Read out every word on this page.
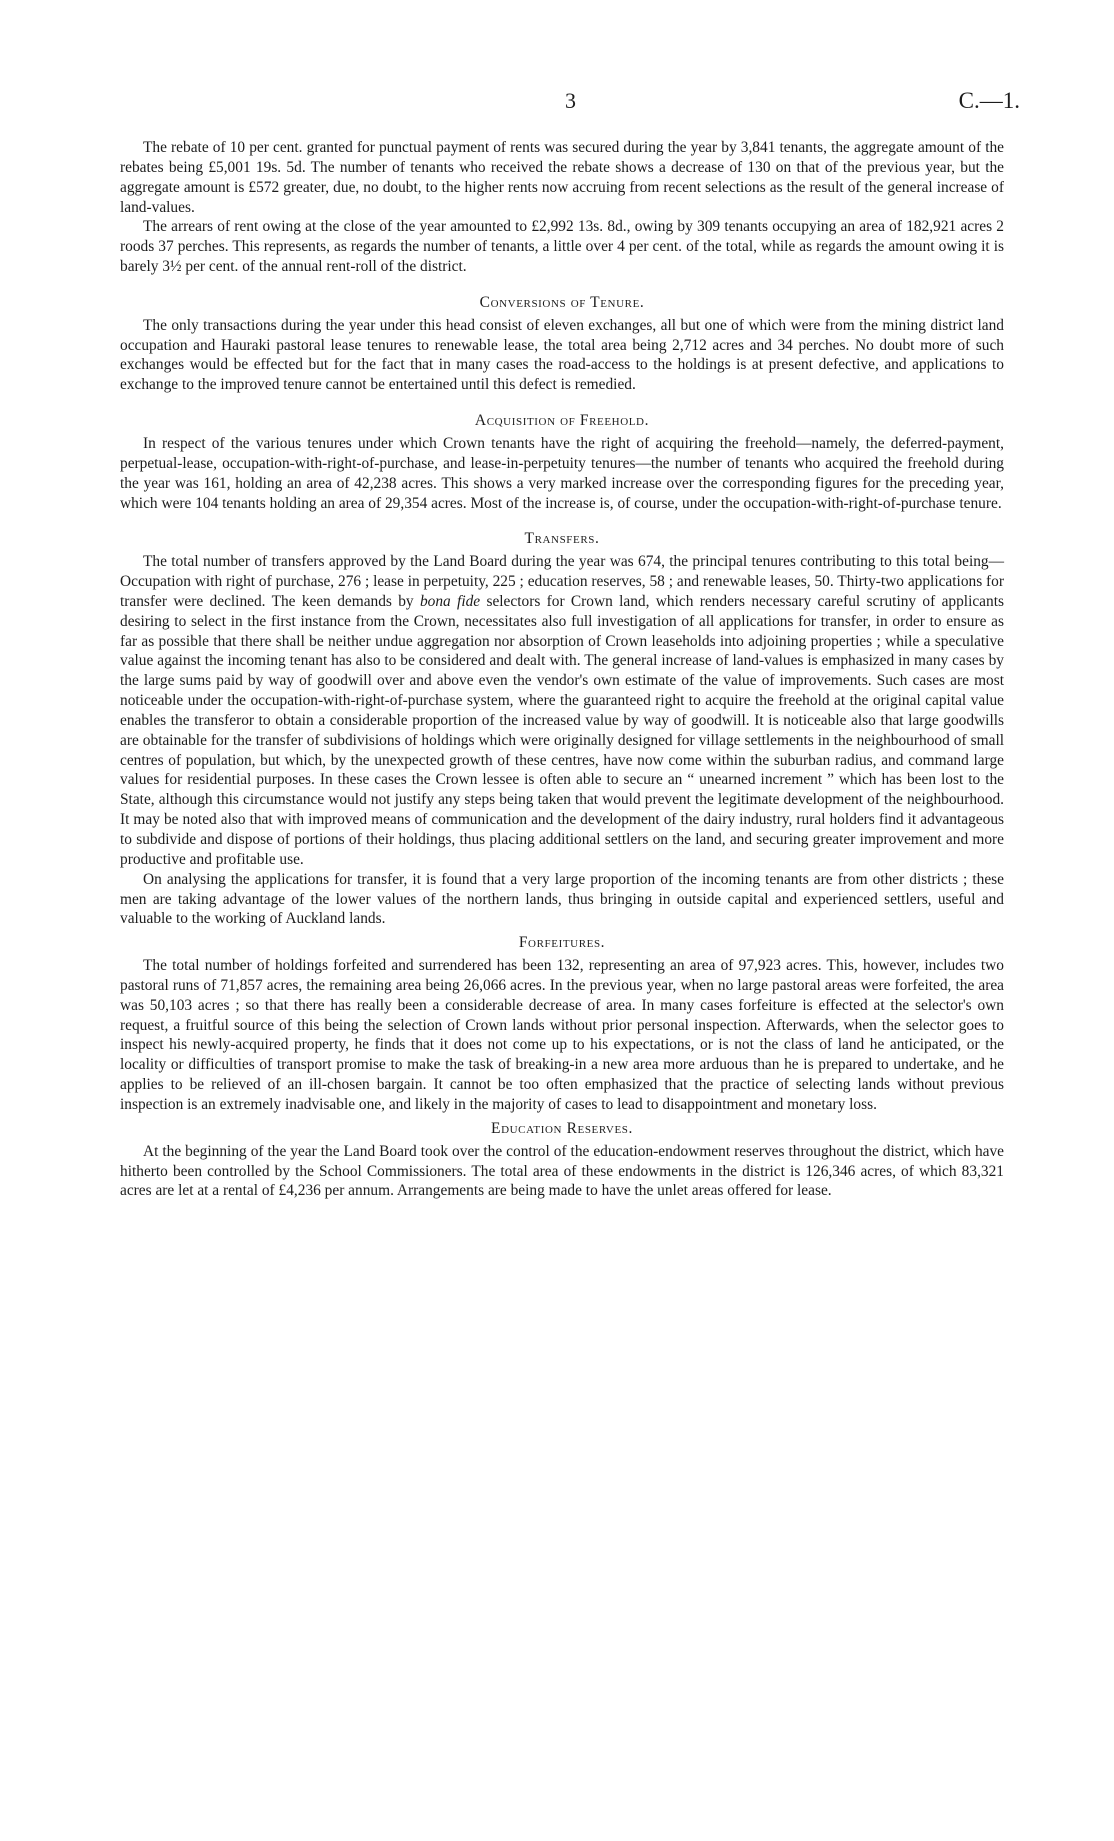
3	C.—1.

The rebate of 10 per cent. granted for punctual payment of rents was secured during the year by 3,841 tenants, the aggregate amount of the rebates being £5,001 19s. 5d. The number of tenants who received the rebate shows a decrease of 130 on that of the previous year, but the aggregate amount is £572 greater, due, no doubt, to the higher rents now accruing from recent selections as the result of the general increase of land-values.

The arrears of rent owing at the close of the year amounted to £2,992 13s. 8d., owing by 309 tenants occupying an area of 182,921 acres 2 roods 37 perches. This represents, as regards the number of tenants, a little over 4 per cent. of the total, while as regards the amount owing it is barely 3½ per cent. of the annual rent-roll of the district.

Conversions of Tenure.

The only transactions during the year under this head consist of eleven exchanges, all but one of which were from the mining district land occupation and Hauraki pastoral lease tenures to renewable lease, the total area being 2,712 acres and 34 perches. No doubt more of such exchanges would be effected but for the fact that in many cases the road-access to the holdings is at present defective, and applications to exchange to the improved tenure cannot be entertained until this defect is remedied.

Acquisition of Freehold.

In respect of the various tenures under which Crown tenants have the right of acquiring the freehold—namely, the deferred-payment, perpetual-lease, occupation-with-right-of-purchase, and lease-in-perpetuity tenures—the number of tenants who acquired the freehold during the year was 161, holding an area of 42,238 acres. This shows a very marked increase over the corresponding figures for the preceding year, which were 104 tenants holding an area of 29,354 acres. Most of the increase is, of course, under the occupation-with-right-of-purchase tenure.

Transfers.

The total number of transfers approved by the Land Board during the year was 674, the principal tenures contributing to this total being—Occupation with right of purchase, 276 ; lease in perpetuity, 225 ; education reserves, 58 ; and renewable leases, 50. Thirty-two applications for transfer were declined. The keen demands by bona fide selectors for Crown land, which renders necessary careful scrutiny of applicants desiring to select in the first instance from the Crown, necessitates also full investigation of all applications for transfer, in order to ensure as far as possible that there shall be neither undue aggregation nor absorption of Crown leaseholds into adjoining properties ; while a speculative value against the incoming tenant has also to be considered and dealt with. The general increase of land-values is emphasized in many cases by the large sums paid by way of goodwill over and above even the vendor's own estimate of the value of improvements. Such cases are most noticeable under the occupation-with-right-of-purchase system, where the guaranteed right to acquire the freehold at the original capital value enables the transferor to obtain a considerable proportion of the increased value by way of goodwill. It is noticeable also that large goodwills are obtainable for the transfer of subdivisions of holdings which were originally designed for village settlements in the neighbourhood of small centres of population, but which, by the unexpected growth of these centres, have now come within the suburban radius, and command large values for residential purposes. In these cases the Crown lessee is often able to secure an “ unearned increment ” which has been lost to the State, although this circumstance would not justify any steps being taken that would prevent the legitimate development of the neighbourhood. It may be noted also that with improved means of communication and the development of the dairy industry, rural holders find it advantageous to subdivide and dispose of portions of their holdings, thus placing additional settlers on the land, and securing greater improvement and more productive and profitable use.

On analysing the applications for transfer, it is found that a very large proportion of the incoming tenants are from other districts ; these men are taking advantage of the lower values of the northern lands, thus bringing in outside capital and experienced settlers, useful and valuable to the working of Auckland lands.

Forfeitures.

The total number of holdings forfeited and surrendered has been 132, representing an area of 97,923 acres. This, however, includes two pastoral runs of 71,857 acres, the remaining area being 26,066 acres. In the previous year, when no large pastoral areas were forfeited, the area was 50,103 acres ; so that there has really been a considerable decrease of area. In many cases forfeiture is effected at the selector's own request, a fruitful source of this being the selection of Crown lands without prior personal inspection. Afterwards, when the selector goes to inspect his newly-acquired property, he finds that it does not come up to his expectations, or is not the class of land he anticipated, or the locality or difficulties of transport promise to make the task of breaking-in a new area more arduous than he is prepared to undertake, and he applies to be relieved of an ill-chosen bargain. It cannot be too often emphasized that the practice of selecting lands without previous inspection is an extremely inadvisable one, and likely in the majority of cases to lead to disappointment and monetary loss.

Education Reserves.

At the beginning of the year the Land Board took over the control of the education-endowment reserves throughout the district, which have hitherto been controlled by the School Commissioners. The total area of these endowments in the district is 126,346 acres, of which 83,321 acres are let at a rental of £4,236 per annum. Arrangements are being made to have the unlet areas offered for lease.
